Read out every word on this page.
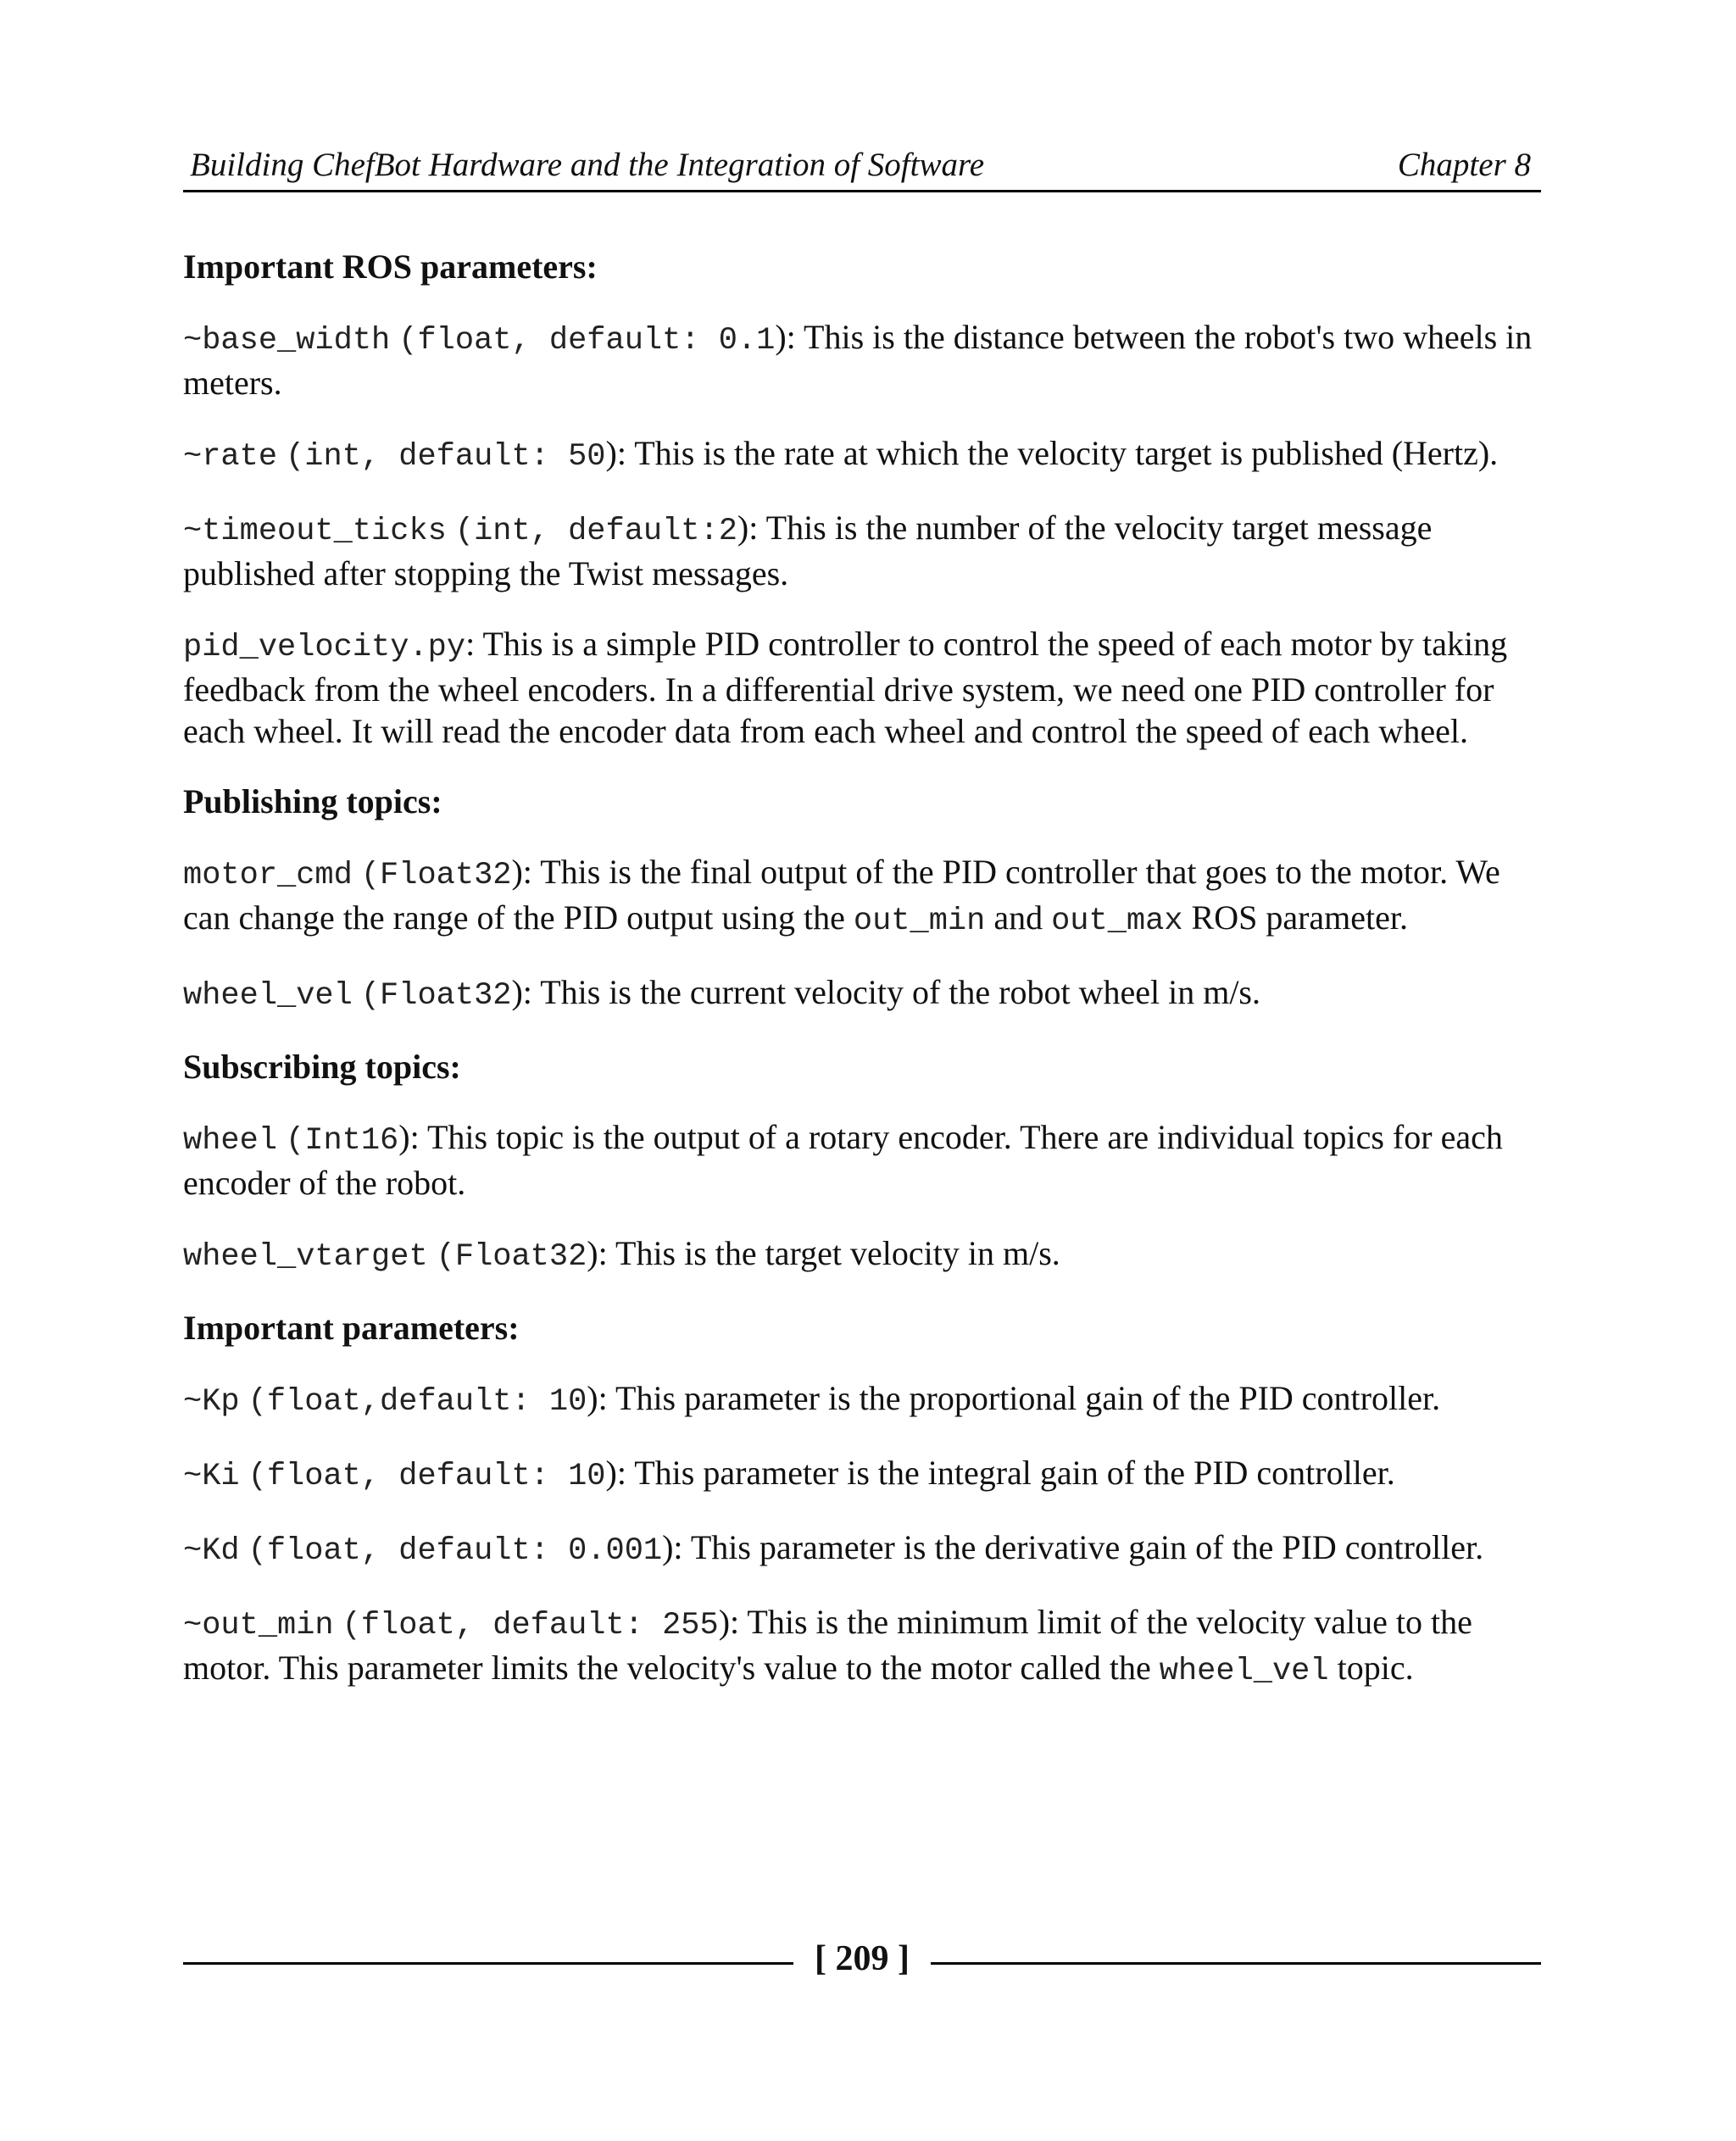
Building ChefBot Hardware and the Integration of Software	Chapter 8
Important ROS parameters:
~base_width (float, default: 0.1): This is the distance between the robot's two wheels in meters.
~rate (int, default: 50): This is the rate at which the velocity target is published (Hertz).
~timeout_ticks (int, default:2): This is the number of the velocity target message published after stopping the Twist messages.
pid_velocity.py: This is a simple PID controller to control the speed of each motor by taking feedback from the wheel encoders. In a differential drive system, we need one PID controller for each wheel. It will read the encoder data from each wheel and control the speed of each wheel.
Publishing topics:
motor_cmd (Float32): This is the final output of the PID controller that goes to the motor. We can change the range of the PID output using the out_min and out_max ROS parameter.
wheel_vel (Float32): This is the current velocity of the robot wheel in m/s.
Subscribing topics:
wheel (Int16): This topic is the output of a rotary encoder. There are individual topics for each encoder of the robot.
wheel_vtarget (Float32): This is the target velocity in m/s.
Important parameters:
~Kp (float,default: 10): This parameter is the proportional gain of the PID controller.
~Ki (float, default: 10): This parameter is the integral gain of the PID controller.
~Kd (float, default: 0.001): This parameter is the derivative gain of the PID controller.
~out_min (float, default: 255): This is the minimum limit of the velocity value to the motor. This parameter limits the velocity's value to the motor called the wheel_vel topic.
[ 209 ]
